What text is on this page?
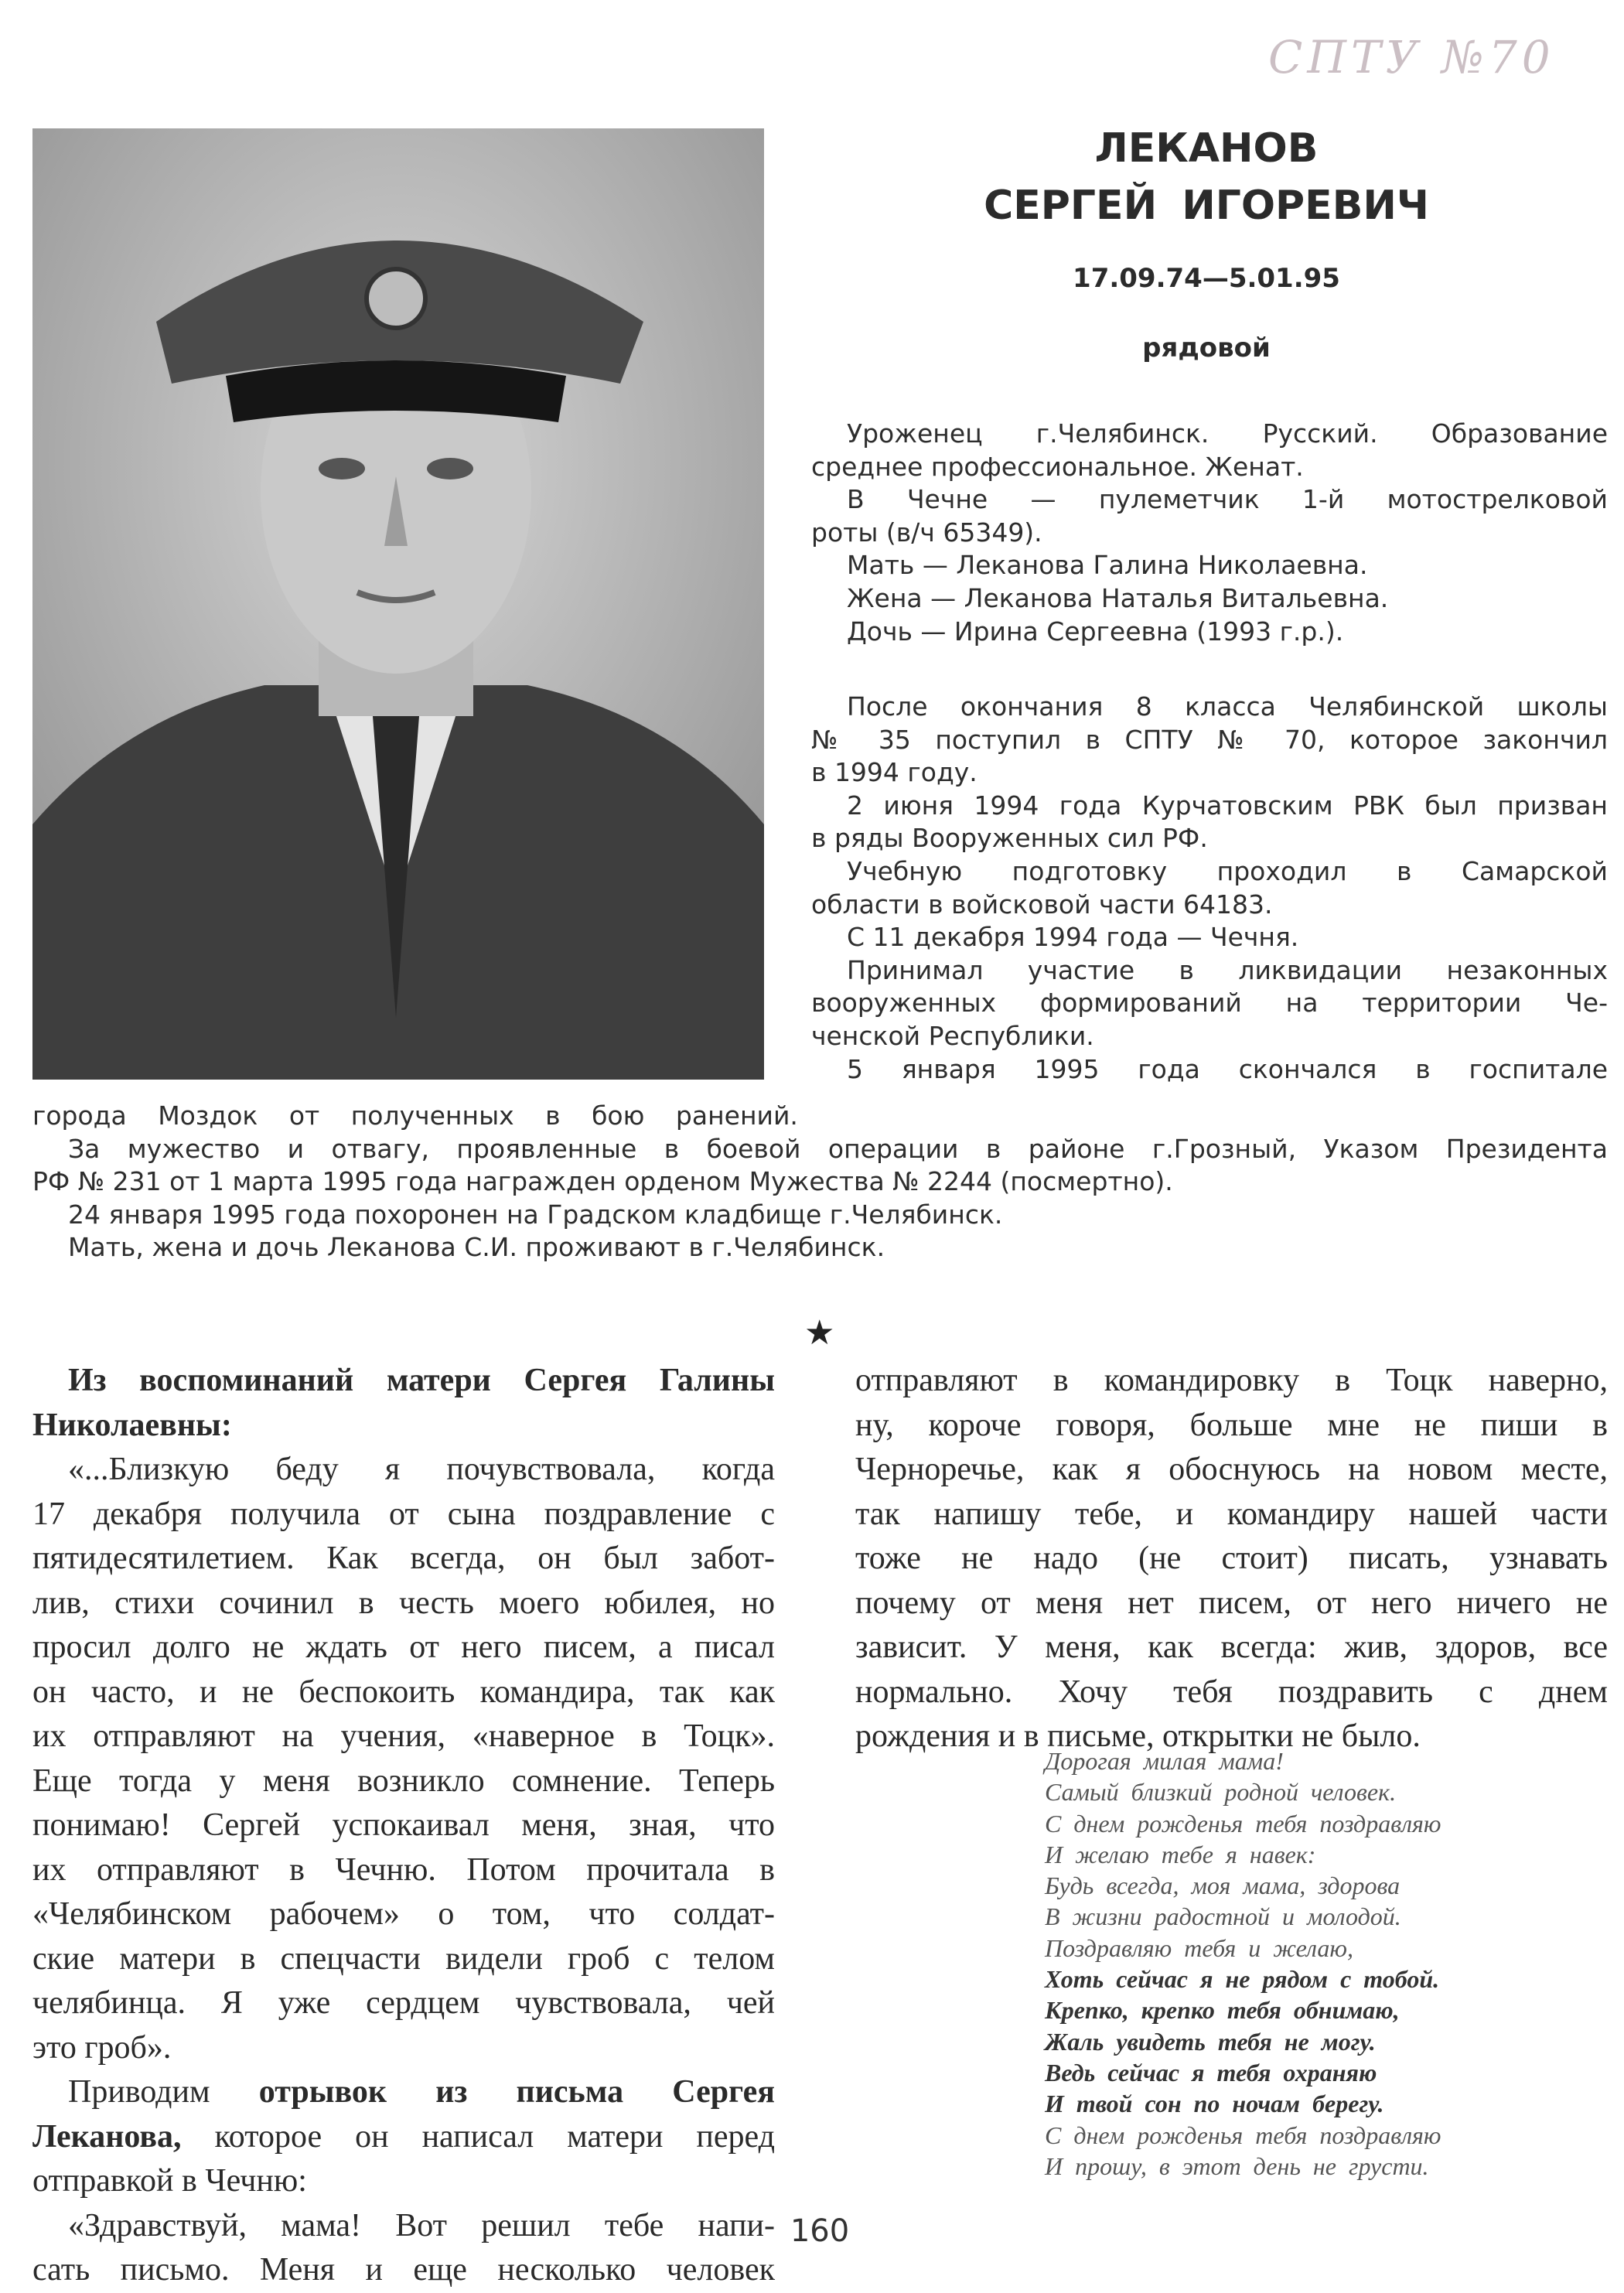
СПТУ №70
ЛЕКАНОВ
СЕРГЕЙ ИГОРЕВИЧ
17.09.74—5.01.95
рядовой
Уроженец г.Челябинск. Русский. Образование
среднее профессиональное. Женат.
В Чечне — пулеметчик 1-й мотострелковой
роты (в/ч 65349).
Мать — Леканова Галина Николаевна.
Жена — Леканова Наталья Витальевна.
Дочь — Ирина Сергеевна (1993 г.р.).
После окончания 8 класса Челябинской школы
№ 35 поступил в СПТУ № 70, которое закончил
в 1994 году.
2 июня 1994 года Курчатовским РВК был призван
в ряды Вооруженных сил РФ.
Учебную подготовку проходил в Самарской
области в войсковой части 64183.
С 11 декабря 1994 года — Чечня.
Принимал участие в ликвидации незаконных
вооруженных формирований на территории Че-
ченской Республики.
5 января 1995 года скончался в госпитале
города Моздок от полученных в бою ранений.
За мужество и отвагу, проявленные в боевой операции в районе г.Грозный, Указом Президента
РФ № 231 от 1 марта 1995 года награжден орденом Мужества № 2244 (посмертно).
24 января 1995 года похоронен на Градском кладбище г.Челябинск.
Мать, жена и дочь Леканова С.И. проживают в г.Челябинск.
★
Из воспоминаний матери Сергея Галины
Николаевны:
«...Близкую беду я почувствовала, когда
17 декабря получила от сына поздравление с
пятидесятилетием. Как всегда, он был забот-
лив, стихи сочинил в честь моего юбилея, но
просил долго не ждать от него писем, а писал
он часто, и не беспокоить командира, так как
их отправляют на учения, «наверное в Тоцк».
Еще тогда у меня возникло сомнение. Теперь
понимаю! Сергей успокаивал меня, зная, что
их отправляют в Чечню. Потом прочитала в
«Челябинском рабочем» о том, что солдат-
ские матери в спецчасти видели гроб с телом
челябинца. Я уже сердцем чувствовала, чей
это гроб».
Приводим отрывок из письма Сергея
Леканова, которое он написал матери перед
отправкой в Чечню:
«Здравствуй, мама! Вот решил тебе напи-
сать письмо. Меня и еще несколько человек
отправляют в командировку в Тоцк наверно,
ну, короче говоря, больше мне не пиши в
Черноречье, как я обоснуюсь на новом месте,
так напишу тебе, и командиру нашей части
тоже не надо (не стоит) писать, узнавать
почему от меня нет писем, от него ничего не
зависит. У меня, как всегда: жив, здоров, все
нормально. Хочу тебя поздравить с днем
рождения и в письме, открытки не было.
Дорогая милая мама!
Самый близкий родной человек.
С днем рожденья тебя поздравляю
И желаю тебе я навек:
Будь всегда, моя мама, здорова
В жизни радостной и молодой.
Поздравляю тебя и желаю,
Хоть сейчас я не рядом с тобой.
Крепко, крепко тебя обнимаю,
Жаль увидеть тебя не могу.
Ведь сейчас я тебя охраняю
И твой сон по ночам берегу.
С днем рожденья тебя поздравляю
И прошу, в этот день не грусти.
160
